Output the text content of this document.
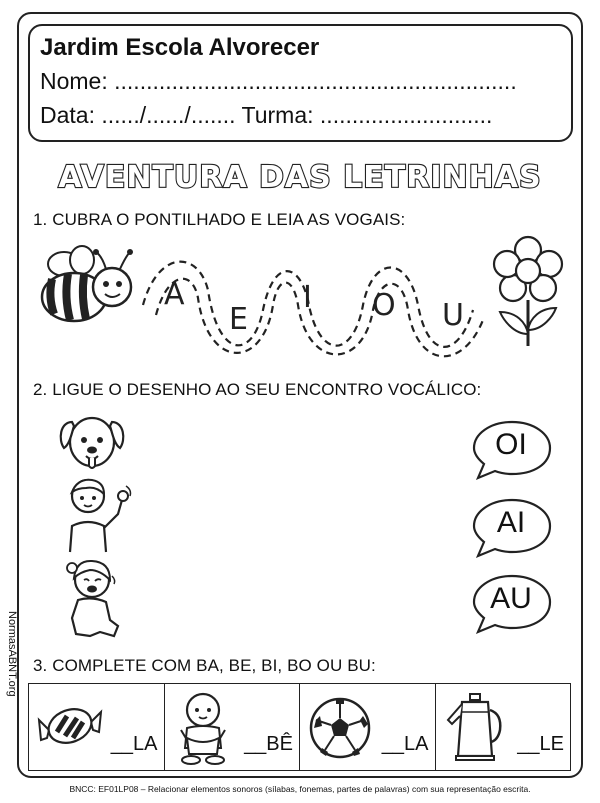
Jardim Escola Alvorecer
Nome: ...............................................................
Data: ....../....../....... Turma: ...........................
AVENTURA DAS LETRINHAS
1. CUBRA O PONTILHADO E LEIA AS VOGAIS:
A
E
I O U
2. LIGUE O DESENHO AO SEU ENCONTRO VOCÁLICO:
OI
AI
AU
3. COMPLETE COM BA, BE, BI, BO OU BU:
__LA	__BÊ	__LA	__LE
BNCC: EF01LP08 – Relacionar elementos sonoros (sílabas, fonemas, partes de palavras) com sua representação escrita.
NormasABNT.org
